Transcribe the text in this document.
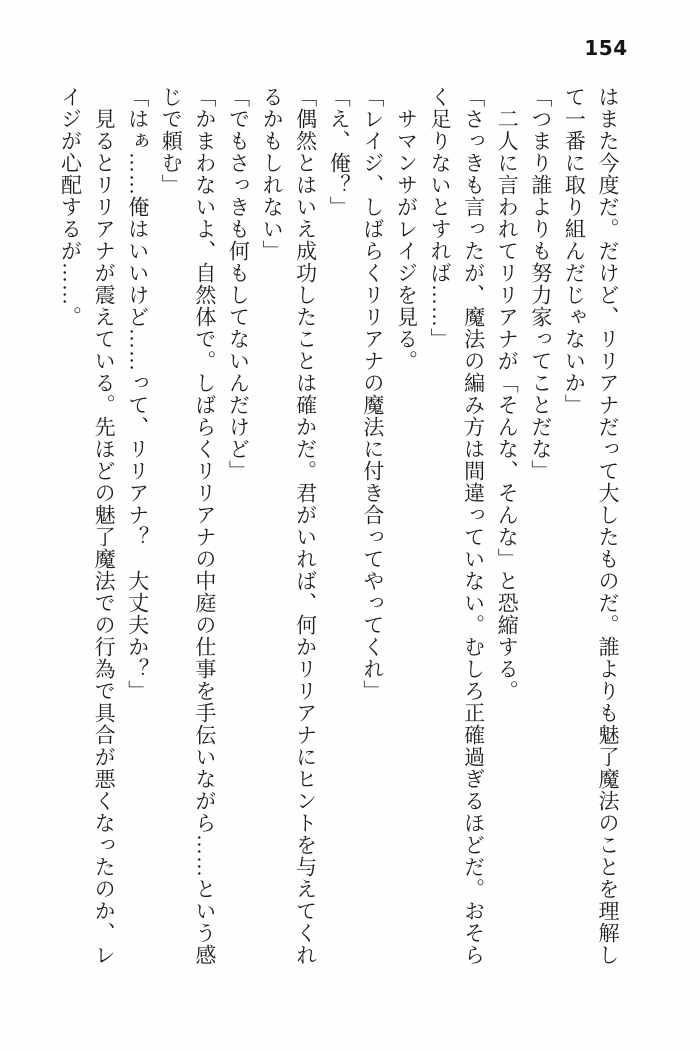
154

はまた今度だ。だけど、リリアナだって大したものだ。誰よりも魅了魔法のことを理解し

て一番に取り組んだじゃないか」

「つまり誰よりも努力家ってことだな」

　二人に言われてリリアナが「そんな、そんな」と恐縮する。

「さっきも言ったが、魔法の編み方は間違っていない。むしろ正確過ぎるほどだ。おそら

く足りないとすれば……」

　サマンサがレイジを見る。

「レイジ、しばらくリリアナの魔法に付き合ってやってくれ」

「え、俺？」

「偶然とはいえ成功したことは確かだ。君がいれば、何かリリアナにヒントを与えてくれ

るかもしれない」

「でもさっきも何もしてないんだけど」

「かまわないよ、自然体で。しばらくリリアナの中庭の仕事を手伝いながら……という感

じで頼む」

「はぁ……俺はいいけど……って、リリアナ？　大丈夫か？」

　見るとリリアナが震えている。先ほどの魅了魔法での行為で具合が悪くなったのか、レ

イジが心配するが……。
